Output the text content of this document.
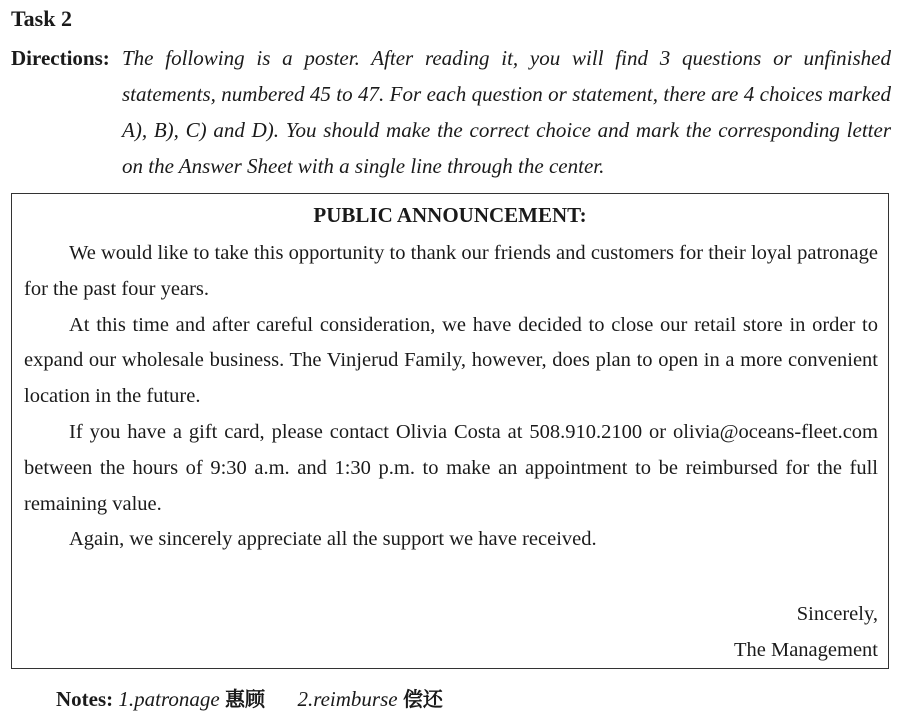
Task 2
Directions: The following is a poster. After reading it, you will find 3 questions or unfinished statements, numbered 45 to 47. For each question or statement, there are 4 choices marked A), B), C) and D). You should make the correct choice and mark the corresponding letter on the Answer Sheet with a single line through the center.
PUBLIC ANNOUNCEMENT:

We would like to take this opportunity to thank our friends and customers for their loyal patronage for the past four years.

At this time and after careful consideration, we have decided to close our retail store in order to expand our wholesale business. The Vinjerud Family, however, does plan to open in a more convenient location in the future.

If you have a gift card, please contact Olivia Costa at 508.910.2100 or olivia@oceans-fleet.com between the hours of 9:30 a.m. and 1:30 p.m. to make an appointment to be reimbursed for the full remaining value.

Again, we sincerely appreciate all the support we have received.

Sincerely,
The Management
Notes: 1.patronage 惠顾 2.reimburse 偿还
